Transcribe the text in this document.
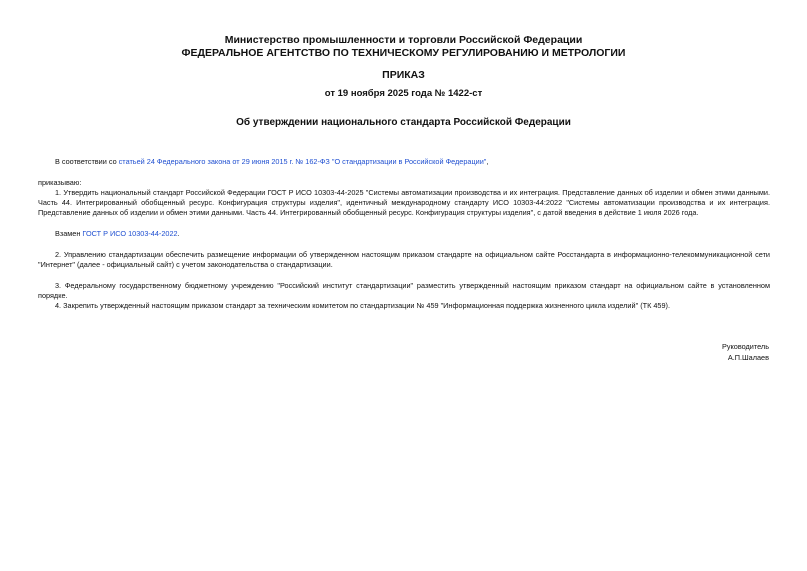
Министерство промышленности и торговли Российской Федерации
ФЕДЕРАЛЬНОЕ АГЕНТСТВО ПО ТЕХНИЧЕСКОМУ РЕГУЛИРОВАНИЮ И МЕТРОЛОГИИ
ПРИКАЗ
от 19 ноября 2025 года № 1422-ст
Об утверждении национального стандарта Российской Федерации
В соответствии со статьей 24 Федерального закона от 29 июня 2015 г. № 162-ФЗ "О стандартизации в Российской Федерации",
приказываю:
1. Утвердить национальный стандарт Российской Федерации ГОСТ Р ИСО 10303-44-2025 "Системы автоматизации производства и их интеграция. Представление данных об изделии и обмен этими данными. Часть 44. Интегрированный обобщенный ресурс. Конфигурация структуры изделия", идентичный международному стандарту ИСО 10303-44:2022 "Системы автоматизации производства и их интеграция. Представление данных об изделии и обмен этими данными. Часть 44. Интегрированный обобщенный ресурс. Конфигурация структуры изделия", с датой введения в действие 1 июля 2026 года.
Взамен ГОСТ Р ИСО 10303-44-2022.
2. Управлению стандартизации обеспечить размещение информации об утвержденном настоящим приказом стандарте на официальном сайте Росстандарта в информационно-телекоммуникационной сети "Интернет" (далее - официальный сайт) с учетом законодательства о стандартизации.
3. Федеральному государственному бюджетному учреждению "Российский институт стандартизации" разместить утвержденный настоящим приказом стандарт на официальном сайте в установленном порядке.
4. Закрепить утвержденный настоящим приказом стандарт за техническим комитетом по стандартизации № 459 "Информационная поддержка жизненного цикла изделий" (ТК 459).
Руководитель
А.П.Шалаев
